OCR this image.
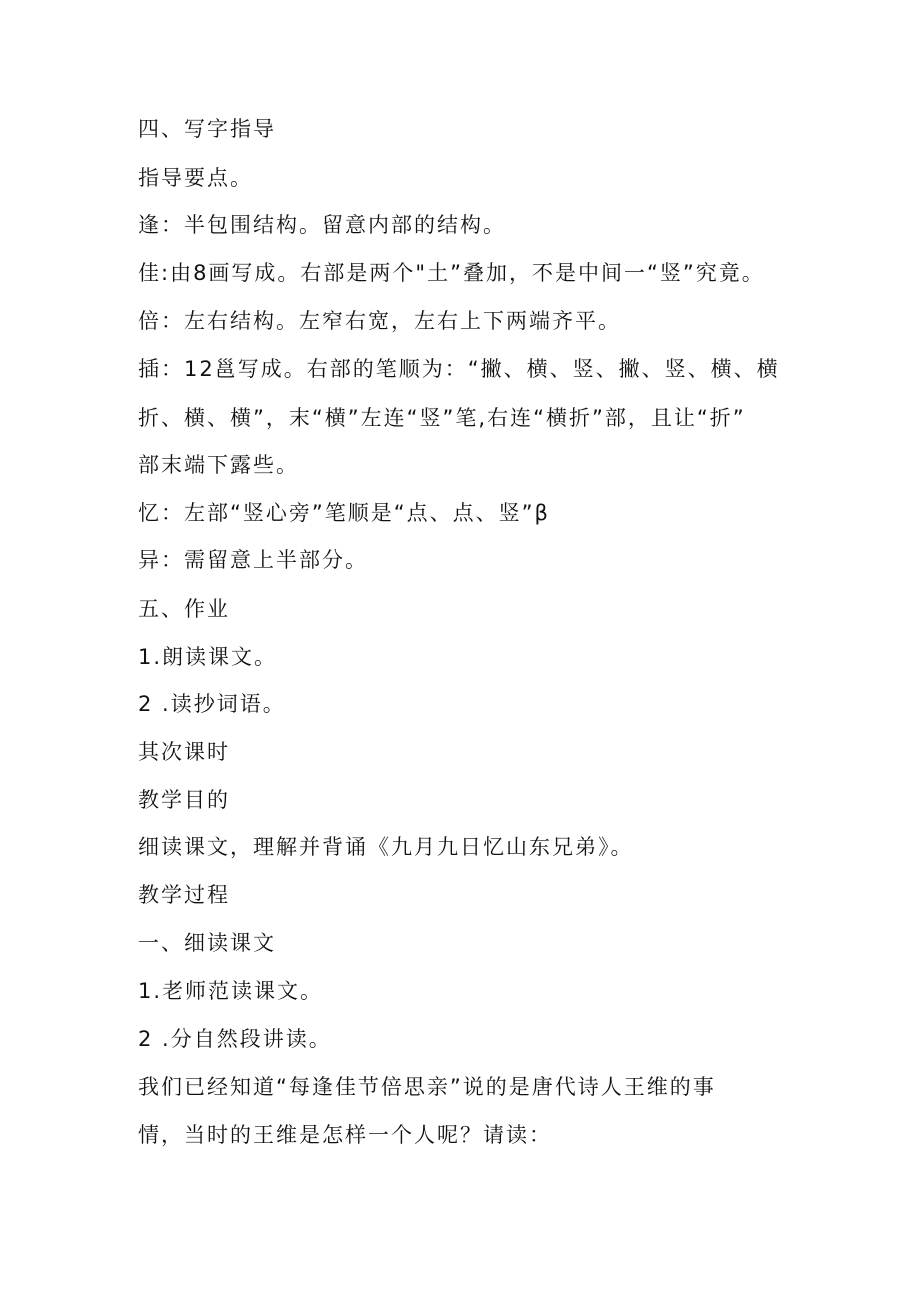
四、写字指导
指导要点。
逢：半包围结构。留意内部的结构。
佳:由8画写成。右部是两个"土”叠加，不是中间一“竖”究竟。
倍：左右结构。左窄右宽，左右上下两端齐平。
插：12邕写成。右部的笔顺为：“撇、横、竖、撇、竖、横、横
折、横、横”，末“横”左连“竖”笔,右连“横折”部，且让“折”
部末端下露些。
忆：左部“竖心旁”笔顺是“点、点、竖”β
异：需留意上半部分。
五、作业
1.朗读课文。
2 .读抄词语。
其次课时
教学目的
细读课文，理解并背诵《九月九日忆山东兄弟》。
教学过程
一、细读课文
1.老师范读课文。
2 .分自然段讲读。
我们已经知道“每逢佳节倍思亲”说的是唐代诗人王维的事
情，当时的王维是怎样一个人呢？请读：
